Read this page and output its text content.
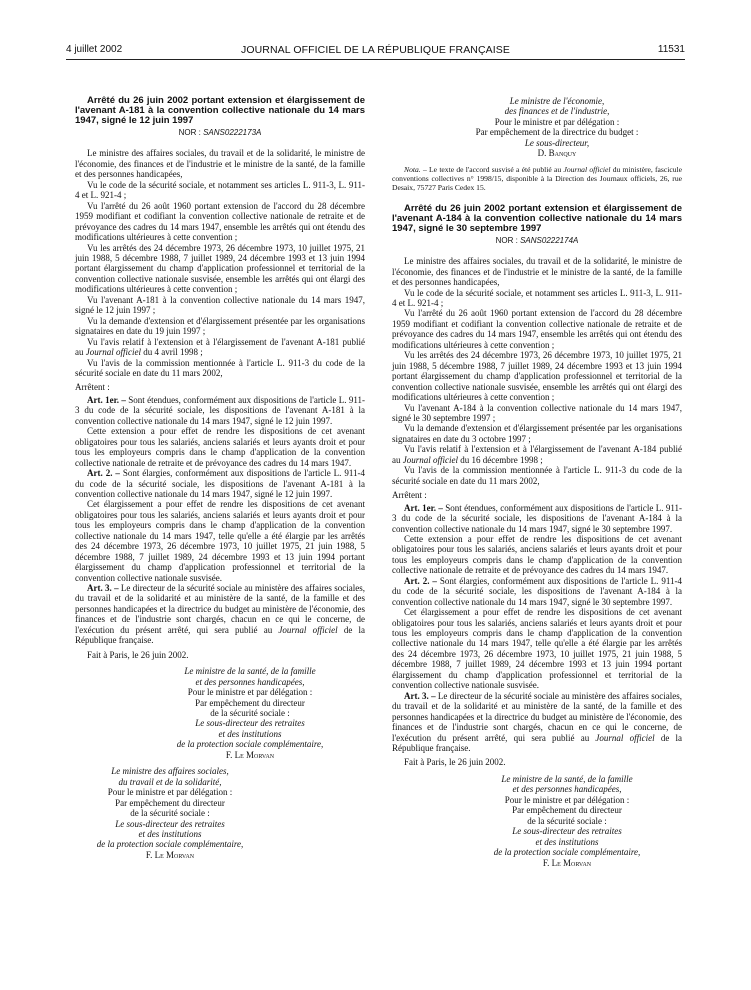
4 juillet 2002	JOURNAL OFFICIEL DE LA RÉPUBLIQUE FRANÇAISE	11531

Arrêté du 26 juin 2002 portant extension et élargissement de l'avenant A-181 à la convention collective nationale du 14 mars 1947, signé le 12 juin 1997

NOR : SANS0222173A

Le ministre des affaires sociales, du travail et de la solidarité, le ministre de l'économie, des finances et de l'industrie et le ministre de la santé, de la famille et des personnes handicapées,

Vu le code de la sécurité sociale, et notamment ses articles L. 911-3, L. 911-4 et L. 921-4 ;

Vu l'arrêté du 26 août 1960 portant extension de l'accord du 28 décembre 1959 modifiant et codifiant la convention collective nationale de retraite et de prévoyance des cadres du 14 mars 1947, ensemble les arrêtés qui ont étendu des modifications ultérieures à cette convention ;

Vu les arrêtés des 24 décembre 1973, 26 décembre 1973, 10 juillet 1975, 21 juin 1988, 5 décembre 1988, 7 juillet 1989, 24 décembre 1993 et 13 juin 1994 portant élargissement du champ d'application professionnel et territorial de la convention collective nationale susvisée, ensemble les arrêtés qui ont élargi des modifications ultérieures à cette convention ;

Vu l'avenant A-181 à la convention collective nationale du 14 mars 1947, signé le 12 juin 1997 ;

Vu la demande d'extension et d'élargissement présentée par les organisations signataires en date du 19 juin 1997 ;

Vu l'avis relatif à l'extension et à l'élargissement de l'avenant A-181 publié au Journal officiel du 4 avril 1998 ;

Vu l'avis de la commission mentionnée à l'article L. 911-3 du code de la sécurité sociale en date du 11 mars 2002,

Arrêtent :

Art. 1er. – Sont étendues, conformément aux dispositions de l'article L. 911-3 du code de la sécurité sociale, les dispositions de l'avenant A-181 à la convention collective nationale du 14 mars 1947, signé le 12 juin 1997.

Cette extension a pour effet de rendre les dispositions de cet avenant obligatoires pour tous les salariés, anciens salariés et leurs ayants droit et pour tous les employeurs compris dans le champ d'application de la convention collective nationale de retraite et de prévoyance des cadres du 14 mars 1947.

Art. 2. – Sont élargies, conformément aux dispositions de l'article L. 911-4 du code de la sécurité sociale, les dispositions de l'avenant A-181 à la convention collective nationale du 14 mars 1947, signé le 12 juin 1997.

Cet élargissement a pour effet de rendre les dispositions de cet avenant obligatoires pour tous les salariés, anciens salariés et leurs ayants droit et pour tous les employeurs compris dans le champ d'application de la convention collective nationale du 14 mars 1947, telle qu'elle a été élargie par les arrêtés des 24 décembre 1973, 26 décembre 1973, 10 juillet 1975, 21 juin 1988, 5 décembre 1988, 7 juillet 1989, 24 décembre 1993 et 13 juin 1994 portant élargissement du champ d'application professionnel et territorial de la convention collective nationale susvisée.

Art. 3. – Le directeur de la sécurité sociale au ministère des affaires sociales, du travail et de la solidarité et au ministère de la santé, de la famille et des personnes handicapées et la directrice du budget au ministère de l'économie, des finances et de l'industrie sont chargés, chacun en ce qui le concerne, de l'exécution du présent arrêté, qui sera publié au Journal officiel de la République française.

Fait à Paris, le 26 juin 2002.

Le ministre de la santé, de la famille
et des personnes handicapées,
Pour le ministre et par délégation :
Par empêchement du directeur
de la sécurité sociale :
Le sous-directeur des retraites
et des institutions
de la protection sociale complémentaire,
F. Le Morvan
Le ministre des affaires sociales,
du travail et de la solidarité,
Pour le ministre et par délégation :
Par empêchement du directeur
de la sécurité sociale :
Le sous-directeur des retraites
et des institutions
de la protection sociale complémentaire,
F. Le Morvan
Le ministre de l'économie,
des finances et de l'industrie,
Pour le ministre et par délégation :
Par empêchement de la directrice du budget :
Le sous-directeur,
D. Banquy

Nota. – Le texte de l'accord susvisé a été publié au Journal officiel du ministère, fascicule conventions collectives n° 1998/15, disponible à la Direction des Journaux officiels, 26, rue Desaix, 75727 Paris Cedex 15.

Arrêté du 26 juin 2002 portant extension et élargissement de l'avenant A-184 à la convention collective nationale du 14 mars 1947, signé le 30 septembre 1997

NOR : SANS0222174A

Le ministre des affaires sociales, du travail et de la solidarité, le ministre de l'économie, des finances et de l'industrie et le ministre de la santé, de la famille et des personnes handicapées,

Vu le code de la sécurité sociale, et notamment ses articles L. 911-3, L. 911-4 et L. 921-4 ;

Vu l'arrêté du 26 août 1960 portant extension de l'accord du 28 décembre 1959 modifiant et codifiant la convention collective nationale de retraite et de prévoyance des cadres du 14 mars 1947, ensemble les arrêtés qui ont étendu des modifications ultérieures à cette convention ;

Vu les arrêtés des 24 décembre 1973, 26 décembre 1973, 10 juillet 1975, 21 juin 1988, 5 décembre 1988, 7 juillet 1989, 24 décembre 1993 et 13 juin 1994 portant élargissement du champ d'application professionnel et territorial de la convention collective nationale susvisée, ensemble les arrêtés qui ont élargi des modifications ultérieures à cette convention ;

Vu l'avenant A-184 à la convention collective nationale du 14 mars 1947, signé le 30 septembre 1997 ;

Vu la demande d'extension et d'élargissement présentée par les organisations signataires en date du 3 octobre 1997 ;

Vu l'avis relatif à l'extension et à l'élargissement de l'avenant A-184 publié au Journal officiel du 16 décembre 1998 ;

Vu l'avis de la commission mentionnée à l'article L. 911-3 du code de la sécurité sociale en date du 11 mars 2002,

Arrêtent :

Art. 1er. – Sont étendues, conformément aux dispositions de l'article L. 911-3 du code de la sécurité sociale, les dispositions de l'avenant A-184 à la convention collective nationale du 14 mars 1947, signé le 30 septembre 1997.

Cette extension a pour effet de rendre les dispositions de cet avenant obligatoires pour tous les salariés, anciens salariés et leurs ayants droit et pour tous les employeurs compris dans le champ d'application de la convention collective nationale de retraite et de prévoyance des cadres du 14 mars 1947.

Art. 2. – Sont élargies, conformément aux dispositions de l'article L. 911-4 du code de la sécurité sociale, les dispositions de l'avenant A-184 à la convention collective nationale du 14 mars 1947, signé le 30 septembre 1997.

Cet élargissement a pour effet de rendre les dispositions de cet avenant obligatoires pour tous les salariés, anciens salariés et leurs ayants droit et pour tous les employeurs compris dans le champ d'application de la convention collective nationale du 14 mars 1947, telle qu'elle a été élargie par les arrêtés des 24 décembre 1973, 26 décembre 1973, 10 juillet 1975, 21 juin 1988, 5 décembre 1988, 7 juillet 1989, 24 décembre 1993 et 13 juin 1994 portant élargissement du champ d'application professionnel et territorial de la convention collective nationale susvisée.

Art. 3. – Le directeur de la sécurité sociale au ministère des affaires sociales, du travail et de la solidarité et au ministère de la santé, de la famille et des personnes handicapées et la directrice du budget au ministère de l'économie, des finances et de l'industrie sont chargés, chacun en ce qui le concerne, de l'exécution du présent arrêté, qui sera publié au Journal officiel de la République française.

Fait à Paris, le 26 juin 2002.

Le ministre de la santé, de la famille
et des personnes handicapées,
Pour le ministre et par délégation :
Par empêchement du directeur
de la sécurité sociale :
Le sous-directeur des retraites
et des institutions
de la protection sociale complémentaire,
F. Le Morvan
